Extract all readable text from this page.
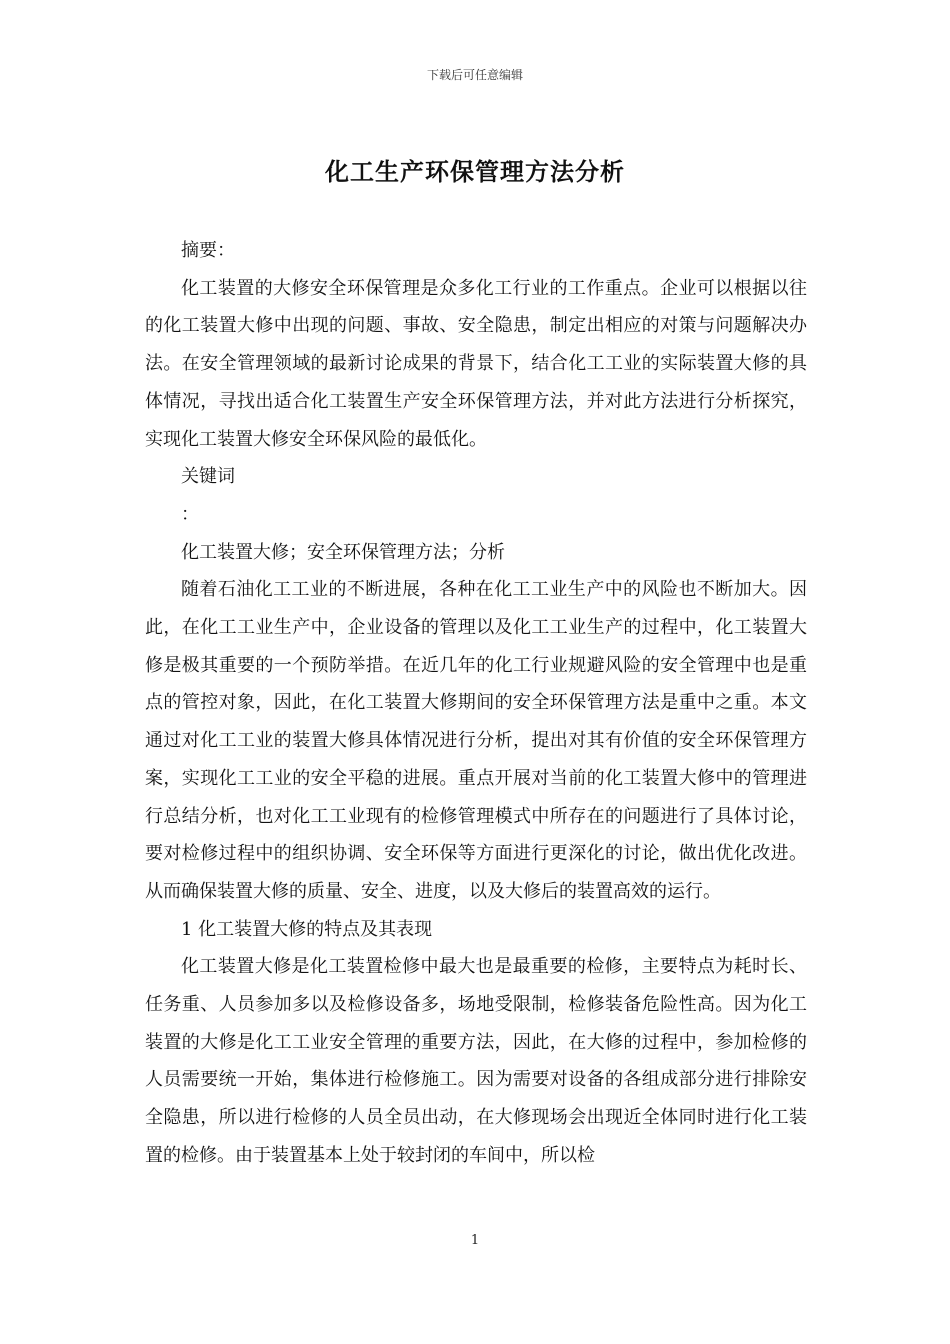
下载后可任意编辑
化工生产环保管理方法分析

摘要：

化工装置的大修安全环保管理是众多化工行业的工作重点。企业可以根据以往的化工装置大修中出现的问题、事故、安全隐患，制定出相应的对策与问题解决办法。在安全管理领域的最新讨论成果的背景下，结合化工工业的实际装置大修的具体情况，寻找出适合化工装置生产安全环保管理方法，并对此方法进行分析探究，实现化工装置大修安全环保风险的最低化。

关键词

：

化工装置大修；安全环保管理方法；分析

随着石油化工工业的不断进展，各种在化工工业生产中的风险也不断加大。因此，在化工工业生产中，企业设备的管理以及化工工业生产的过程中，化工装置大修是极其重要的一个预防举措。在近几年的化工行业规避风险的安全管理中也是重点的管控对象，因此，在化工装置大修期间的安全环保管理方法是重中之重。本文通过对化工工业的装置大修具体情况进行分析，提出对其有价值的安全环保管理方案，实现化工工业的安全平稳的进展。重点开展对当前的化工装置大修中的管理进行总结分析，也对化工工业现有的检修管理模式中所存在的问题进行了具体讨论，要对检修过程中的组织协调、安全环保等方面进行更深化的讨论，做出优化改进。从而确保装置大修的质量、安全、进度，以及大修后的装置高效的运行。

1 化工装置大修的特点及其表现

化工装置大修是化工装置检修中最大也是最重要的检修，主要特点为耗时长、任务重、人员参加多以及检修设备多，场地受限制，检修装备危险性高。因为化工装置的大修是化工工业安全管理的重要方法，因此，在大修的过程中，参加检修的人员需要统一开始，集体进行检修施工。因为需要对设备的各组成部分进行排除安全隐患，所以进行检修的人员全员出动，在大修现场会出现近全体同时进行化工装置的检修。由于装置基本上处于较封闭的车间中，所以检

1
